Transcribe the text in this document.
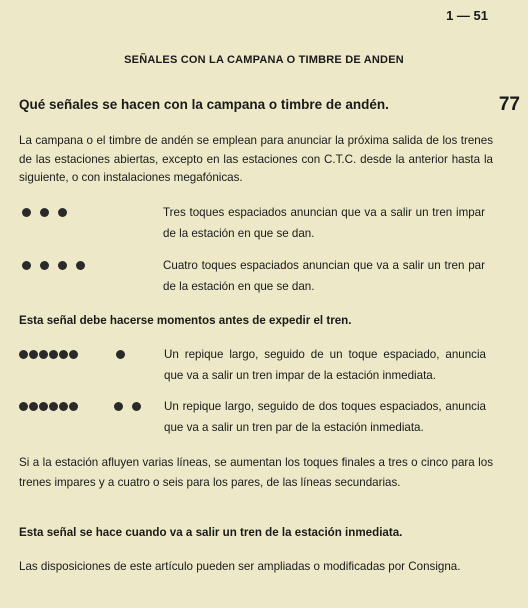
1 — 51
SEÑALES CON LA CAMPANA O TIMBRE DE ANDEN
Qué señales se hacen con la campana o timbre de andén.	77
La campana o el timbre de andén se emplean para anunciar la próxima salida de los trenes de las estaciones abiertas, excepto en las estaciones con C.T.C. desde la anterior hasta la siguiente, o con instalaciones megafónicas.
Tres toques espaciados anuncian que va a salir un tren impar de la estación en que se dan.
Cuatro toques espaciados anuncian que va a salir un tren par de la estación en que se dan.
Esta señal debe hacerse momentos antes de expedir el tren.
Un repique largo, seguido de un toque espaciado, anuncia que va a salir un tren impar de la estación inmediata.
Un repique largo, seguido de dos toques espaciados, anuncia que va a salir un tren par de la estación inmediata.
Si a la estación afluyen varias líneas, se aumentan los toques finales a tres o cinco para los trenes impares y a cuatro o seis para los pares, de las líneas secundarias.
Esta señal se hace cuando va a salir un tren de la estación inmediata.
Las disposiciones de este artículo pueden ser ampliadas o modificadas por Consigna.
